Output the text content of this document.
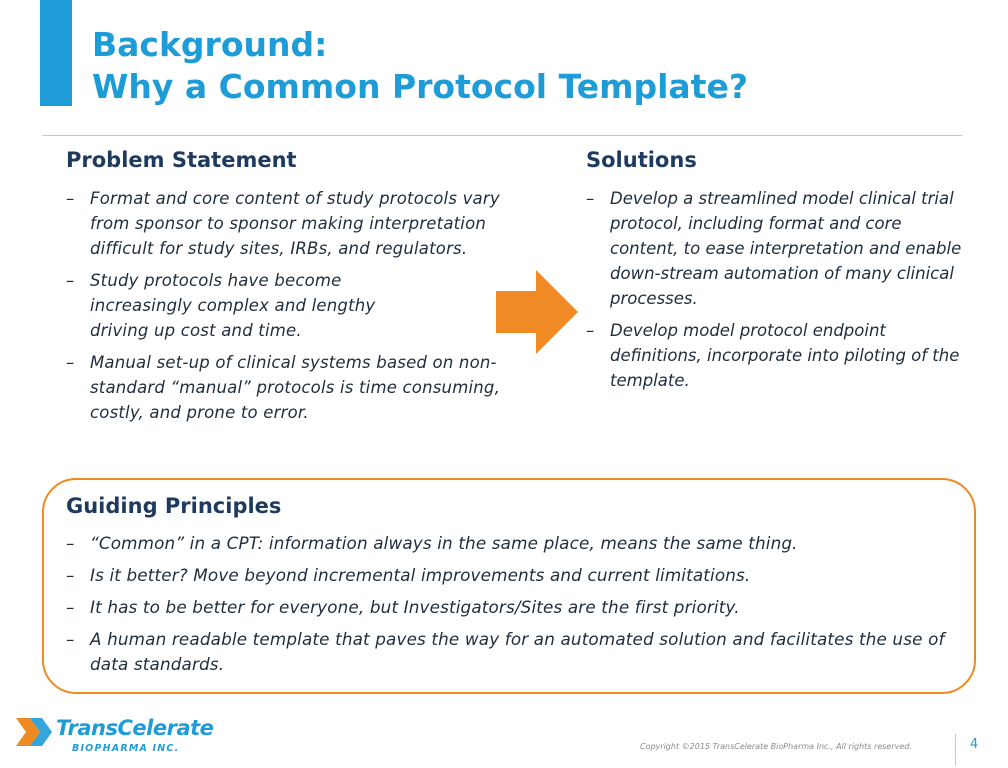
Background:
Why a Common Protocol Template?
Problem Statement
– Format and core content of study protocols vary from sponsor to sponsor making interpretation difficult for study sites, IRBs, and regulators.
– Study protocols have become increasingly complex and lengthy driving up cost and time.
– Manual set-up of clinical systems based on non-standard “manual” protocols is time consuming, costly, and prone to error.
Solutions
– Develop a streamlined model clinical trial protocol, including format and core content, to ease interpretation and enable down-stream automation of many clinical processes.
– Develop model protocol endpoint definitions, incorporate into piloting of the template.
Guiding Principles
– “Common” in a CPT: information always in the same place, means the same thing.
– Is it better? Move beyond incremental improvements and current limitations.
– It has to be better for everyone, but Investigators/Sites are the first priority.
– A human readable template that paves the way for an automated solution and facilitates the use of data standards.
TransCelerate
BIOPHARMA INC.	Copyright ©2015 TransCelerate BioPharma Inc., All rights reserved.	4
